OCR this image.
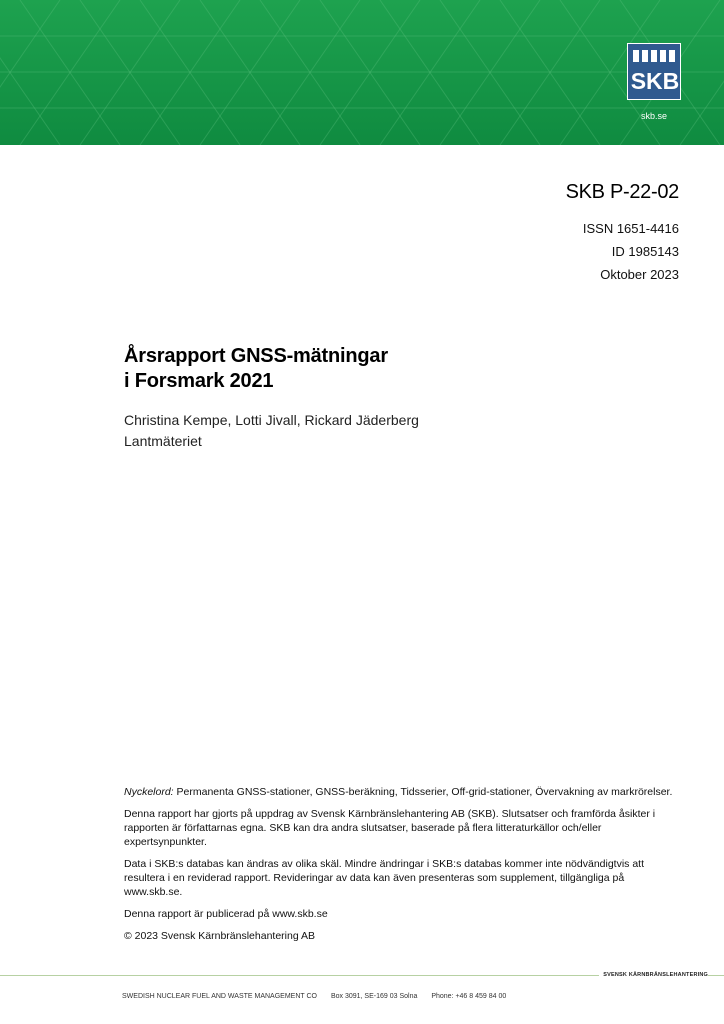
SKB
skb.se
SKB P-22-02
ISSN 1651-4416
ID 1985143
Oktober 2023
Årsrapport GNSS-mätningar
i Forsmark 2021
Christina Kempe, Lotti Jivall, Rickard Jäderberg
Lantmäteriet

Nyckelord: Permanenta GNSS-stationer, GNSS-beräkning, Tidsserier, Off-grid-stationer, Övervakning av markrörelser.

Denna rapport har gjorts på uppdrag av Svensk Kärnbränslehantering AB (SKB). Slutsatser och framförda åsikter i rapporten är författarnas egna. SKB kan dra andra slutsatser, baserade på flera litteraturkällor och/eller expertsynpunkter.

Data i SKB:s databas kan ändras av olika skäl. Mindre ändringar i SKB:s databas kommer inte nödvändigtvis att resultera i en reviderad rapport. Revideringar av data kan även presenteras som supplement, tillgängliga på www.skb.se.

Denna rapport är publicerad på www.skb.se

© 2023 Svensk Kärnbränslehantering AB

SVENSK KÄRNBRÄNSLEHANTERING
SWEDISH NUCLEAR FUEL AND WASTE MANAGEMENT CO Box 3091, SE-169 03 Solna Phone: +46 8 459 84 00
